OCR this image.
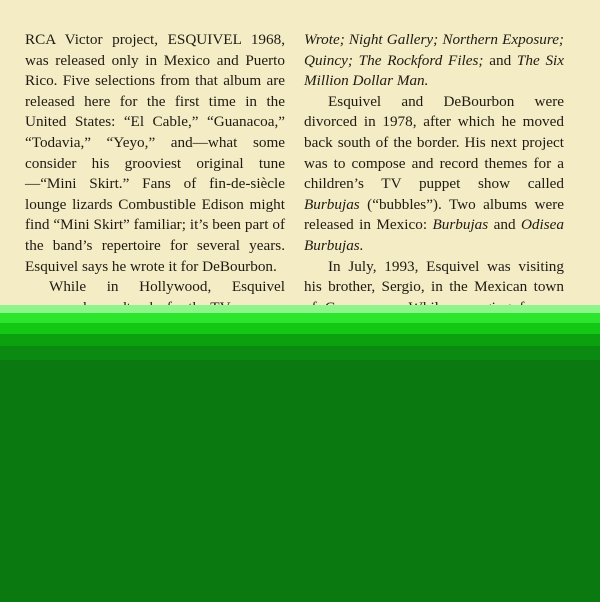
RCA Victor project, ESQUIVEL 1968, was released only in Mexico and Puerto Rico. Five selections from that album are released here for the first time in the United States: “El Cable,” “Guanacoa,” “Todavia,” “Yeyo,” and—what some consider his grooviest original tune—“Mini Skirt.” Fans of fin-de-siècle lounge lizards Combustible Edison might find “Mini Skirt” familiar; it’s been part of the band’s repertoire for several years. Esquivel says he wrote it for DeBourbon.

While in Hollywood, Esquivel

Wrote; Night Gallery; Northern Exposure; Quincy; The Rockford Files; and The Six Million Dollar Man.

Esquivel and DeBourbon were divorced in 1978, after which he moved back south of the border. His next project was to compose and record themes for a children’s TV puppet show called Burbujas (“bubbles”). Two albums were released in Mexico: Burbujas and Odisea Burbujas.

In July, 1993, Esquivel was visiting his brother, Sergio, in the Mexican town
